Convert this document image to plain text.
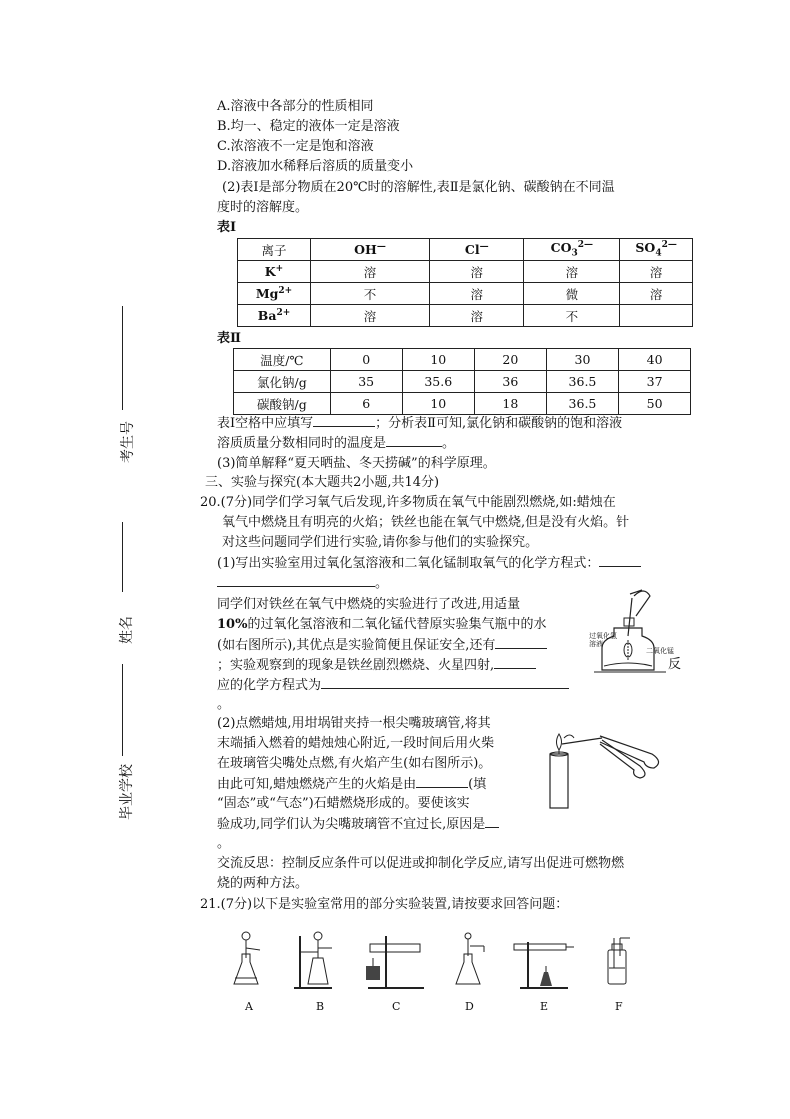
A.溶液中各部分的性质相同
B.均一、稳定的液体一定是溶液
C.浓溶液不一定是饱和溶液
D.溶液加水稀释后溶质的质量变小
(2)表Ⅰ是部分物质在20℃时的溶解性,表Ⅱ是氯化钠、碳酸钠在不同温
度时的溶解度。
表Ⅰ
离子	OH—	Cl—	$CO_3^{2—}$	$SO_4^{2—}$
K+	溶	溶	溶	溶
$Mg^{2+}$	不	溶	微	溶
$Ba^{2+}$	溶	溶	不	
表Ⅱ
温度/℃	0	10	20	30	40
氯化钠/g	35	35.6	36	36.5	37
碳酸钠/g	6	10	18	36.5	50
表Ⅰ空格中应填写	；分析表Ⅱ可知,氯化钠和碳酸钠的饱和溶液
溶质质量分数相同时的温度是	。
(3)简单解释“夏天晒盐、冬天捞碱”的科学原理。
三、实验与探究(本大题共2小题,共14分)
20.(7分)同学们学习氧气后发现,许多物质在氧气中能剧烈燃烧,如:蜡烛在
氧气中燃烧且有明亮的火焰；铁丝也能在氧气中燃烧,但是没有火焰。针
对这些问题同学们进行实验,请你参与他们的实验探究。
(1)写出实验室用过氧化氢溶液和二氧化锰制取氧气的化学方程式：
。
同学们对铁丝在氧气中燃烧的实验进行了改进,用适量
10%的过氧化氢溶液和二氧化锰代替原实验集气瓶中的水
(如右图所示),其优点是实验简便且保证安全,还有
；实验观察到的现象是铁丝剧烈燃烧、火星四射,	反
应的化学方程式为
。
过氧化氢
溶液
二氧化锰
(2)点燃蜡烛,用坩埚钳夹持一根尖嘴玻璃管,将其
末端插入燃着的蜡烛烛心附近,一段时间后用火柴
在玻璃管尖嘴处点燃,有火焰产生(如右图所示)。
由此可知,蜡烛燃烧产生的火焰是由	(填
“固态”或“气态”)石蜡燃烧形成的。要使该实
验成功,同学们认为尖嘴玻璃管不宜过长,原因是
。
交流反思：控制反应条件可以促进或抑制化学反应,请写出促进可燃物燃
烧的两种方法。
21.(7分)以下是实验室常用的部分实验装置,请按要求回答问题：
A	B	C	D	E	F
考生号
姓名
毕业学校
